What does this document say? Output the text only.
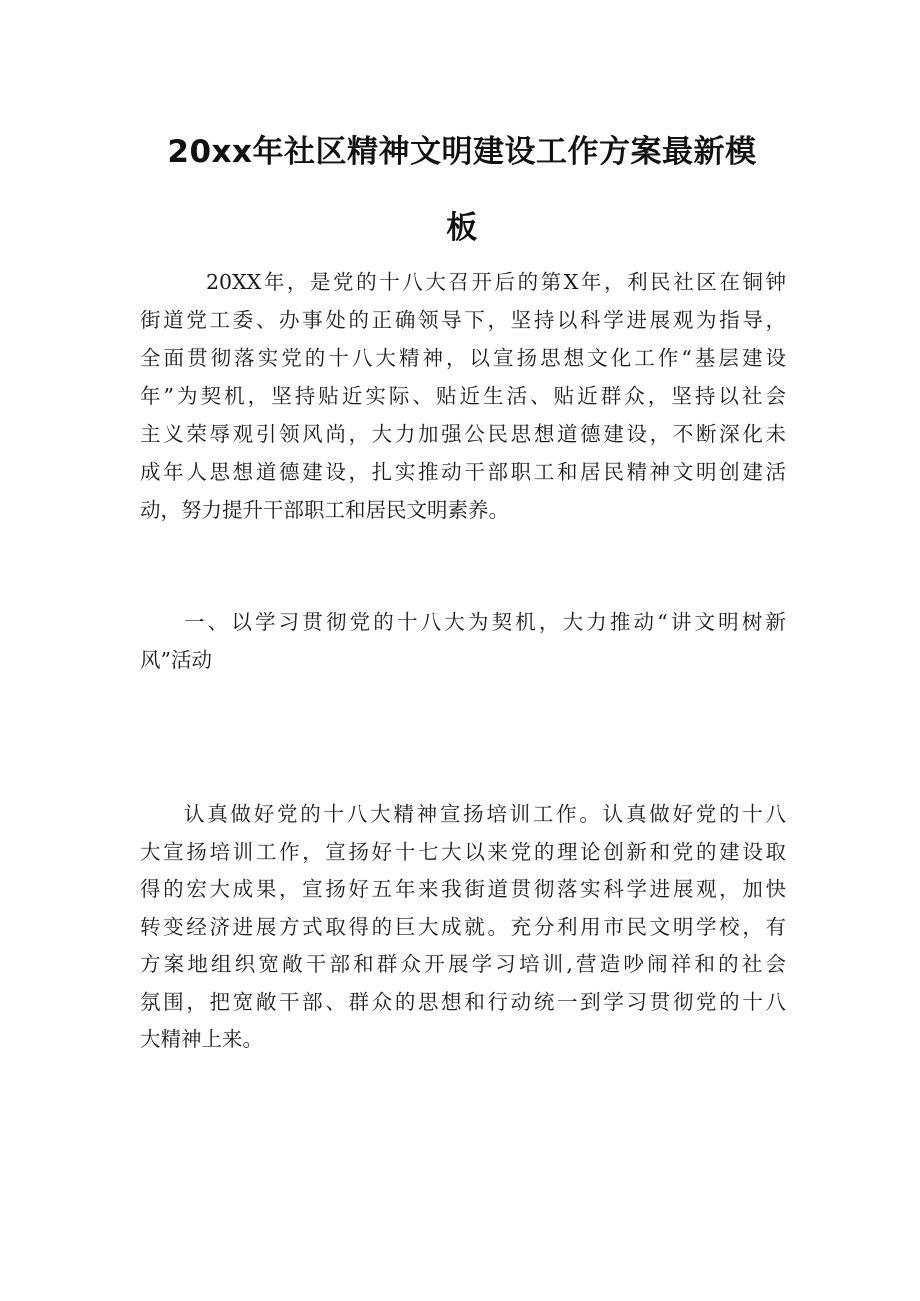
20xx年社区精神文明建设工作方案最新模
板
20XX年，是党的十八大召开后的第X年，利民社区在铜钟
街道党工委、办事处的正确领导下，坚持以科学进展观为指导，
全面贯彻落实党的十八大精神，以宣扬思想文化工作“基层建设
年”为契机，坚持贴近实际、贴近生活、贴近群众，坚持以社会
主义荣辱观引领风尚，大力加强公民思想道德建设，不断深化未
成年人思想道德建设，扎实推动干部职工和居民精神文明创建活
动，努力提升干部职工和居民文明素养。
一、以学习贯彻党的十八大为契机，大力推动“讲文明树新
风”活动
认真做好党的十八大精神宣扬培训工作。认真做好党的十八
大宣扬培训工作，宣扬好十七大以来党的理论创新和党的建设取
得的宏大成果，宣扬好五年来我街道贯彻落实科学进展观，加快
转变经济进展方式取得的巨大成就。充分利用市民文明学校，有
方案地组织宽敞干部和群众开展学习培训,营造吵闹祥和的社会
氛围，把宽敞干部、群众的思想和行动统一到学习贯彻党的十八
大精神上来。
